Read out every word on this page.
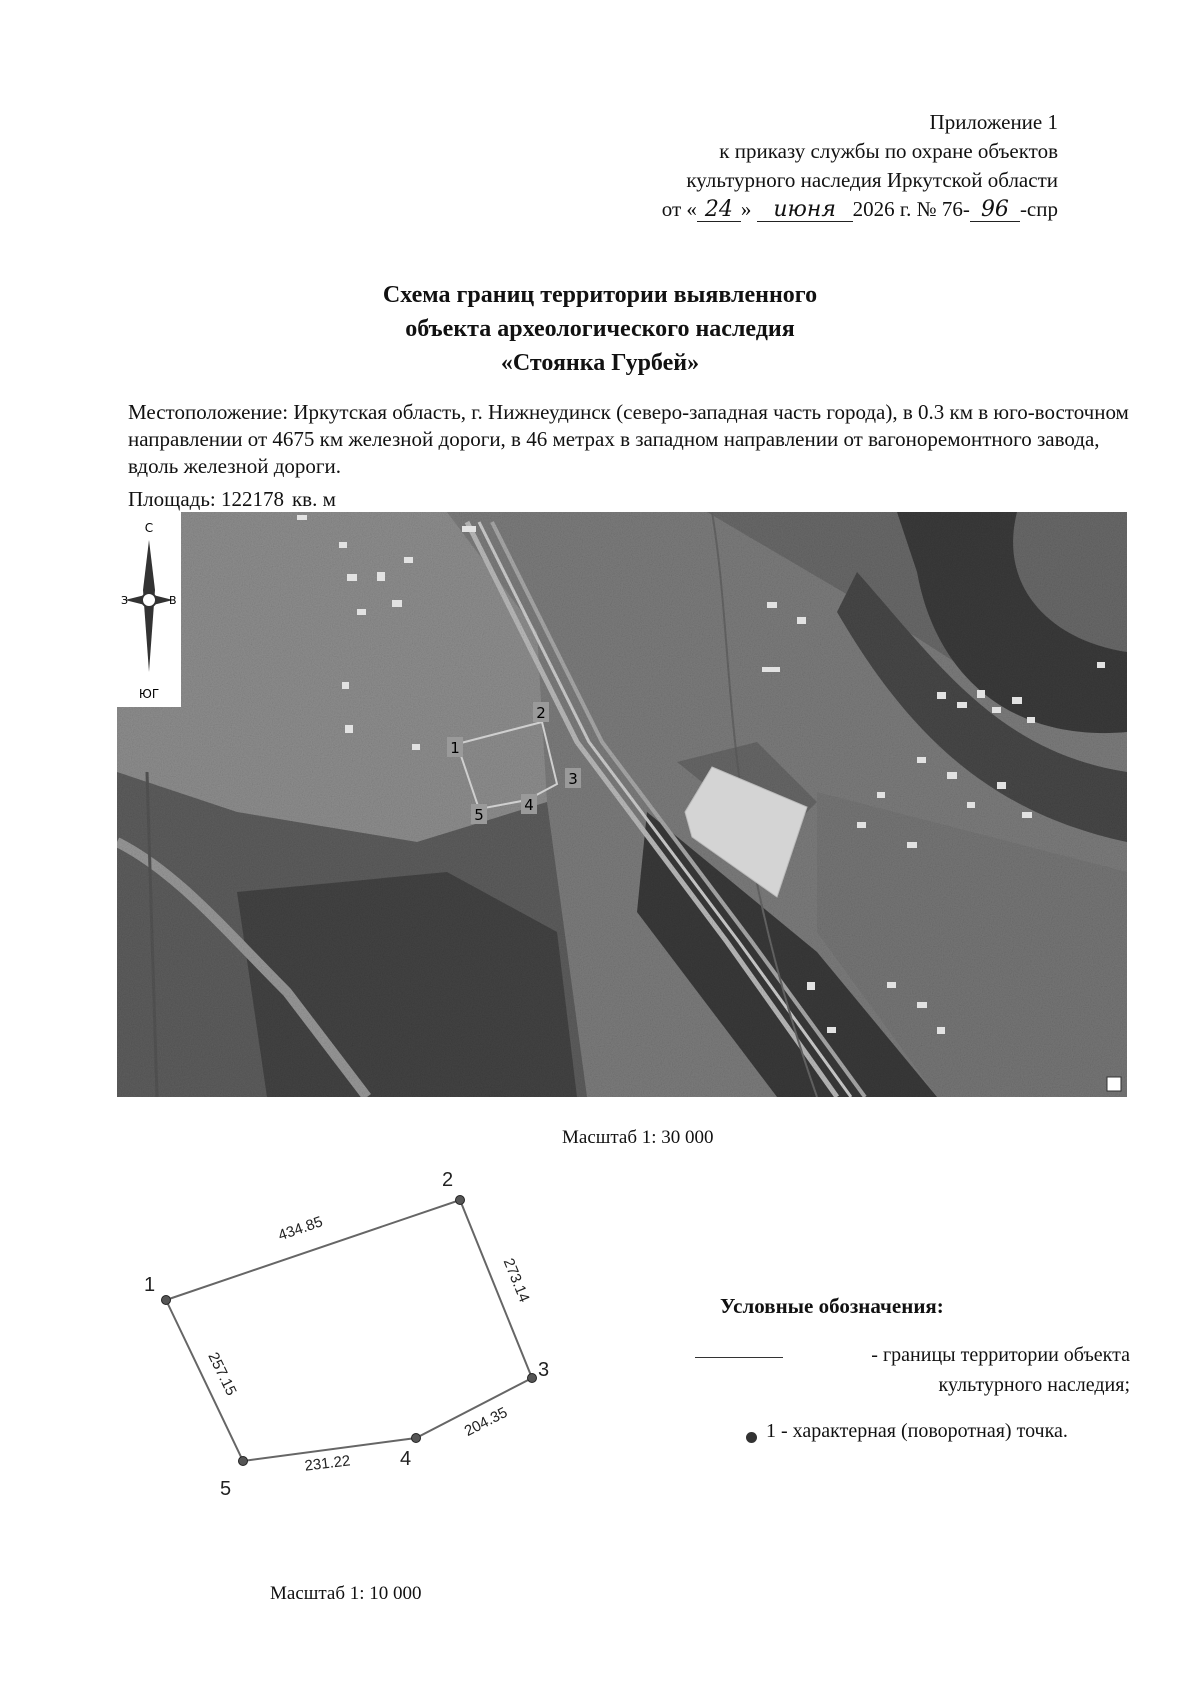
Приложение 1
к приказу службы по охране объектов
культурного наследия Иркутской области
от « 24 » июня 2026 г. № 76- 96 -спр
Схема границ территории выявленного
объекта археологического наследия
«Стоянка Гурбей»
Местоположение: Иркутская область, г. Нижнеудинск (северо-западная часть города), в 0.3 км в юго-восточном направлении от 4675 км железной дороги, в 46 метрах в западном направлении от вагоноремонтного завода, вдоль железной дороги.
Площадь: 122178 кв. м
С
ЮГ
З	В
1
2
3
4
5
Масштаб 1: 30 000
1
2
3
4
5
434.85
273.14
204.35
231.22
257.15
Масштаб 1: 10 000
Условные обозначения:
- границы территории объекта культурного наследия;
1 - характерная (поворотная) точка.
